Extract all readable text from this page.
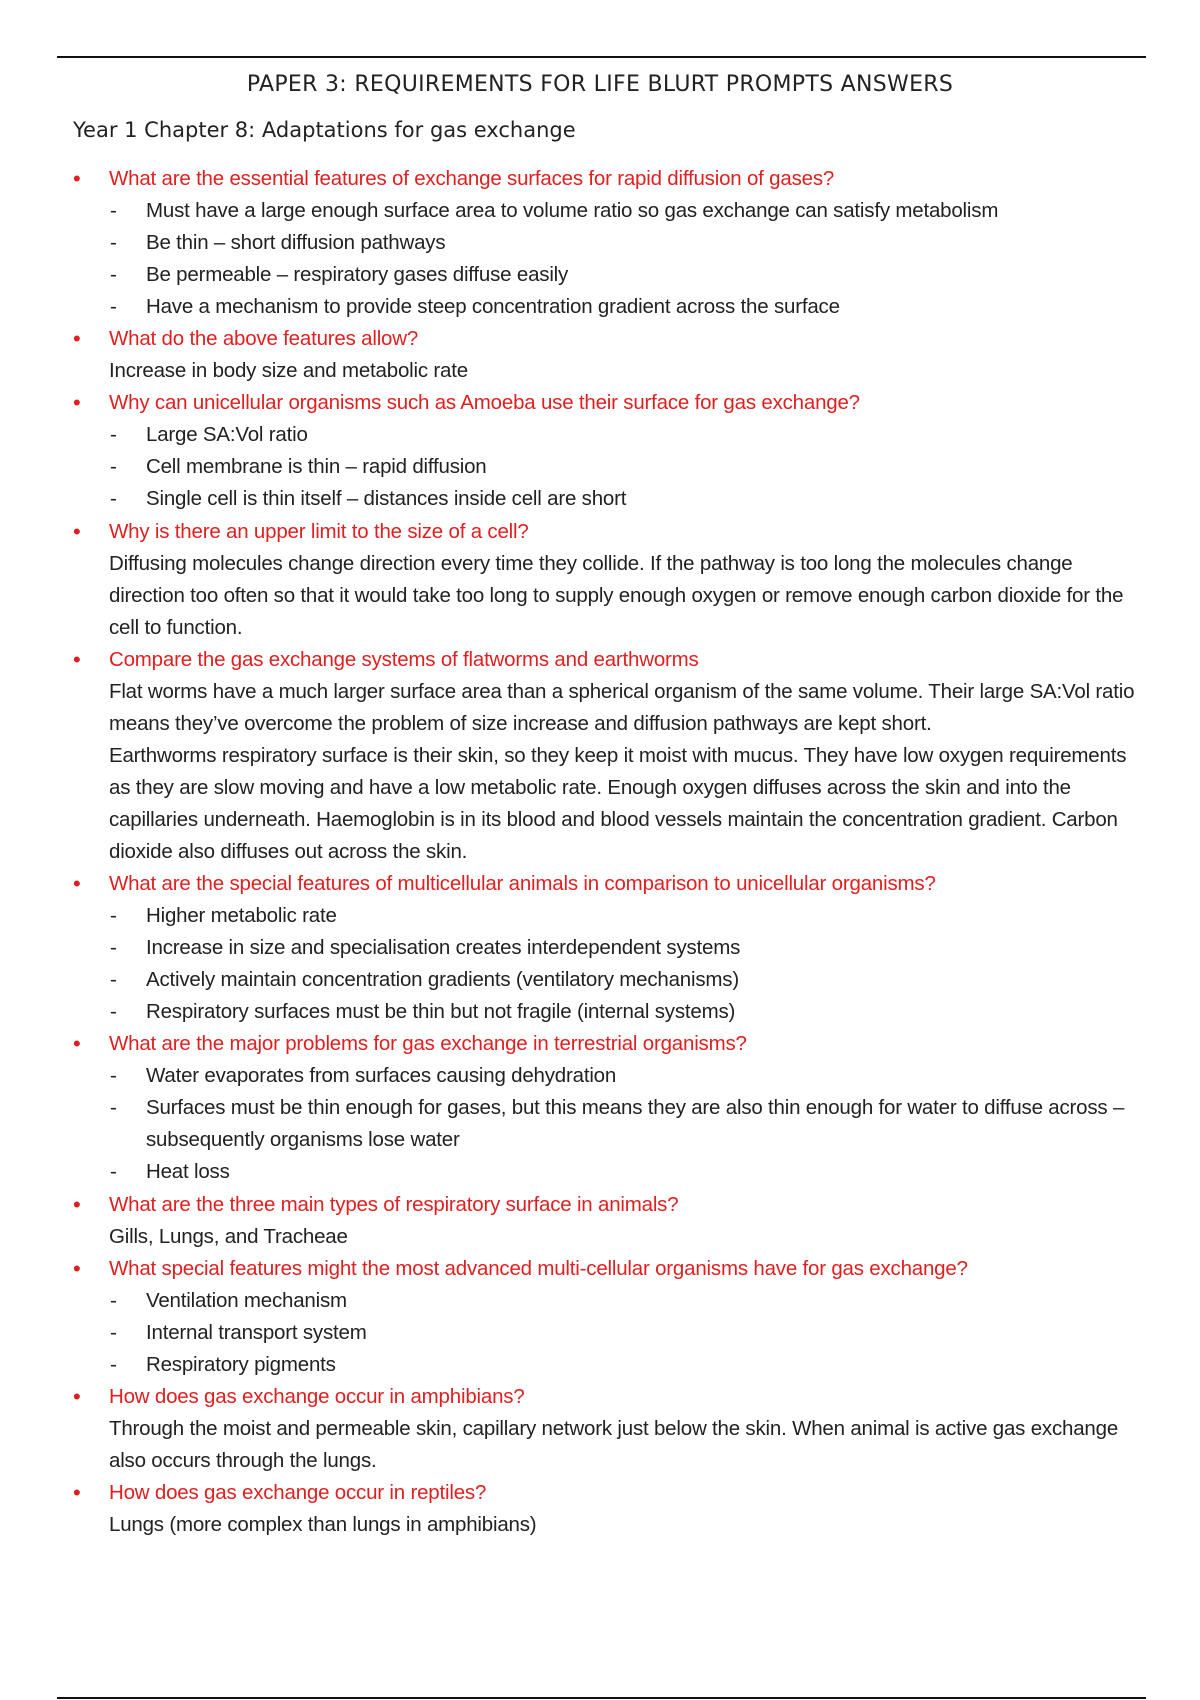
PAPER 3: REQUIREMENTS FOR LIFE BLURT PROMPTS ANSWERS
Year 1 Chapter 8: Adaptations for gas exchange
• What are the essential features of exchange surfaces for rapid diffusion of gases?
- Must have a large enough surface area to volume ratio so gas exchange can satisfy metabolism
- Be thin – short diffusion pathways
- Be permeable – respiratory gases diffuse easily
- Have a mechanism to provide steep concentration gradient across the surface
• What do the above features allow?
Increase in body size and metabolic rate
• Why can unicellular organisms such as Amoeba use their surface for gas exchange?
- Large SA:Vol ratio
- Cell membrane is thin – rapid diffusion
- Single cell is thin itself – distances inside cell are short
• Why is there an upper limit to the size of a cell?
Diffusing molecules change direction every time they collide. If the pathway is too long the molecules change direction too often so that it would take too long to supply enough oxygen or remove enough carbon dioxide for the cell to function.
• Compare the gas exchange systems of flatworms and earthworms
Flat worms have a much larger surface area than a spherical organism of the same volume. Their large SA:Vol ratio means they’ve overcome the problem of size increase and diffusion pathways are kept short.
Earthworms respiratory surface is their skin, so they keep it moist with mucus. They have low oxygen requirements as they are slow moving and have a low metabolic rate. Enough oxygen diffuses across the skin and into the capillaries underneath. Haemoglobin is in its blood and blood vessels maintain the concentration gradient. Carbon dioxide also diffuses out across the skin.
• What are the special features of multicellular animals in comparison to unicellular organisms?
- Higher metabolic rate
- Increase in size and specialisation creates interdependent systems
- Actively maintain concentration gradients (ventilatory mechanisms)
- Respiratory surfaces must be thin but not fragile (internal systems)
• What are the major problems for gas exchange in terrestrial organisms?
- Water evaporates from surfaces causing dehydration
- Surfaces must be thin enough for gases, but this means they are also thin enough for water to diffuse across – subsequently organisms lose water
- Heat loss
• What are the three main types of respiratory surface in animals?
Gills, Lungs, and Tracheae
• What special features might the most advanced multi-cellular organisms have for gas exchange?
- Ventilation mechanism
- Internal transport system
- Respiratory pigments
• How does gas exchange occur in amphibians?
Through the moist and permeable skin, capillary network just below the skin. When animal is active gas exchange also occurs through the lungs.
• How does gas exchange occur in reptiles?
Lungs (more complex than lungs in amphibians)
